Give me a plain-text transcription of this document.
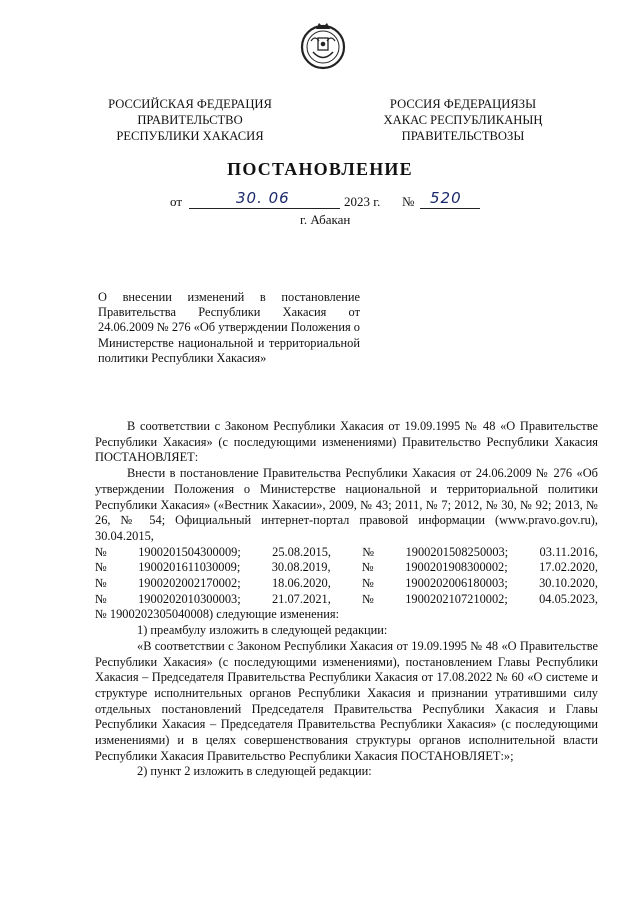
РОССИЙСКАЯ ФЕДЕРАЦИЯ
ПРАВИТЕЛЬСТВО
РЕСПУБЛИКИ ХАКАСИЯ
РОССИЯ ФЕДЕРАЦИЯЗЫ
ХАКАС РЕСПУБЛИКАНЫҢ
ПРАВИТЕЛЬСТВОЗЫ
ПОСТАНОВЛЕНИЕ
от	30. 06	2023 г. № 520
г. Абакан
О внесении изменений в постановление Правительства Республики Хакасия от 24.06.2009 № 276 «Об утверждении Положения о Министерстве национальной и территориальной политики Республики Хакасия»

В соответствии с Законом Республики Хакасия от 19.09.1995 № 48 «О Правительстве Республики Хакасия» (с последующими изменениями) Правительство Республики Хакасия ПОСТАНОВЛЯЕТ:

Внести в постановление Правительства Республики Хакасия от 24.06.2009 № 276 «Об утверждении Положения о Министерстве национальной и территориальной политики Республики Хакасия» («Вестник Хакасии», 2009, № 43; 2011, № 7; 2012, № 30, № 92; 2013, № 26, № 54; Официальный интернет-портал правовой информации (www.pravo.gov.ru), 30.04.2015,

№	1900201504300009;	25.08.2015,	№	1900201508250003;	03.11.2016,
№	1900201611030009;	30.08.2019,	№	1900201908300002;	17.02.2020,
№	1900202002170002;	18.06.2020,	№	1900202006180003;	30.10.2020,
№	1900202010300003;	21.07.2021,	№	1900202107210002;	04.05.2023,

№ 1900202305040008) следующие изменения:

1) преамбулу изложить в следующей редакции:

«В соответствии с Законом Республики Хакасия от 19.09.1995 № 48 «О Правительстве Республики Хакасия» (с последующими изменениями), постановлением Главы Республики Хакасия – Председателя Правительства Республики Хакасия от 17.08.2022 № 60 «О системе и структуре исполнительных органов Республики Хакасия и признании утратившими силу отдельных постановлений Председателя Правительства Республики Хакасия и Главы Республики Хакасия – Председателя Правительства Республики Хакасия» (с последующими изменениями) и в целях совершенствования структуры органов исполнительной власти Республики Хакасия Правительство Республики Хакасия ПОСТАНОВЛЯЕТ:»;

2) пункт 2 изложить в следующей редакции:
